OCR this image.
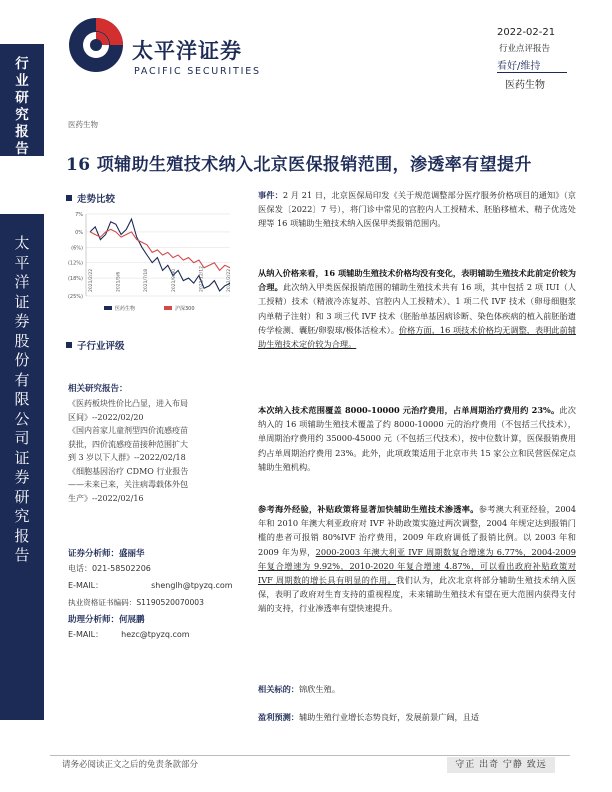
行
业
研
究
报
告
太
平
洋
证
券
股
份
有
限
公
司
证
券
研
究
报
告
太平洋证券
PACIFIC SECURITIES
2022-02-21
行业点评报告
看好/维持
医药生物
医药生物
16 项辅助生殖技术纳入北京医保报销范围，渗透率有望提升
走势比较
7%
0%
(6%)
(12%)
(18%)
(25%)
2021/2/22	2021/5/6	2021/7/18	2021/9/30	2021/12/12	2022/2/22
医药生物	沪深300
子行业评级
相关研究报告：
《医药板块性价比凸显，进入布局
区间》--2022/02/20
《国内首家儿童剂型四价流感疫苗
获批，四价流感疫苗接种范围扩大
到 3 岁以下人群》--2022/02/18
《细胞基因治疗 CDMO 行业报告
——未来已来，关注病毒载体外包
生产》--2022/02/16
证券分析师：盛丽华
电话：021-58502206
E-MAIL：	shenglh@tpyzq.com
执业资格证书编码：S1190520070003
助理分析师：何展鹏
E-MAIL： hezc@tpyzq.com
事件：2 月 21 日，北京医保局印发《关于规范调整部分医疗服务价格项目的通知》（京医保发〔2022〕7 号），将门诊中常见的宫腔内人工授精术、胚胎移植术、精子优选处理等 16 项辅助生殖技术纳入医保甲类报销范围内。
从纳入价格来看，16 项辅助生殖技术价格均没有变化，表明辅助生殖技术此前定价较为合理。此次纳入甲类医保报销范围的辅助生殖技术共有 16 项，其中包括 2 项 IUI（人工授精）技术（精液冷冻复苏、宫腔内人工授精术）、1 项二代 IVF 技术（卵母细胞浆内单精子注射）和 3 项三代 IVF 技术（胚胎单基因病诊断、染色体疾病的植入前胚胎遗传学检测、囊胚/卵裂球/极体活检术）。价格方面，16 项技术价格均无调整，表明此前辅助生殖技术定价较为合理。
本次纳入技术范围覆盖 8000-10000 元治疗费用，占单周期治疗费用约 23%。此次纳入的 16 项辅助生殖技术覆盖了约 8000-10000 元的治疗费用（不包括三代技术），单周期治疗费用约 35000-45000 元（不包括三代技术），按中位数计算，医保报销费用约占单周期治疗费用 23%。此外，此项政策适用于北京市共 15 家公立和民营医保定点辅助生殖机构。
参考海外经验，补贴政策将显著加快辅助生殖技术渗透率。参考澳大利亚经验，2004 年和 2010 年澳大利亚政府对 IVF 补助政策实施过两次调整，2004 年规定达到报销门槛的患者可报销 80%IVF 治疗费用，2009 年政府调低了报销比例。以 2003 年和 2009 年为界，2000-2003 年澳大利亚 IVF 周期数复合增速为 6.77%，2004-2009 年复合增速为 9.92%，2010-2020 年复合增速 4.87%，可以看出政府补贴政策对 IVF 周期数的增长具有明显的作用。我们认为，此次北京将部分辅助生殖技术纳入医保，表明了政府对生育支持的重视程度，未来辅助生殖技术有望在更大范围内获得支付端的支持，行业渗透率有望快速提升。
相关标的：锦欣生殖。
盈利预测：辅助生殖行业增长态势良好，发展前景广阔，且适
请务必阅读正文之后的免责条款部分	守正 出奇 宁静 致远
